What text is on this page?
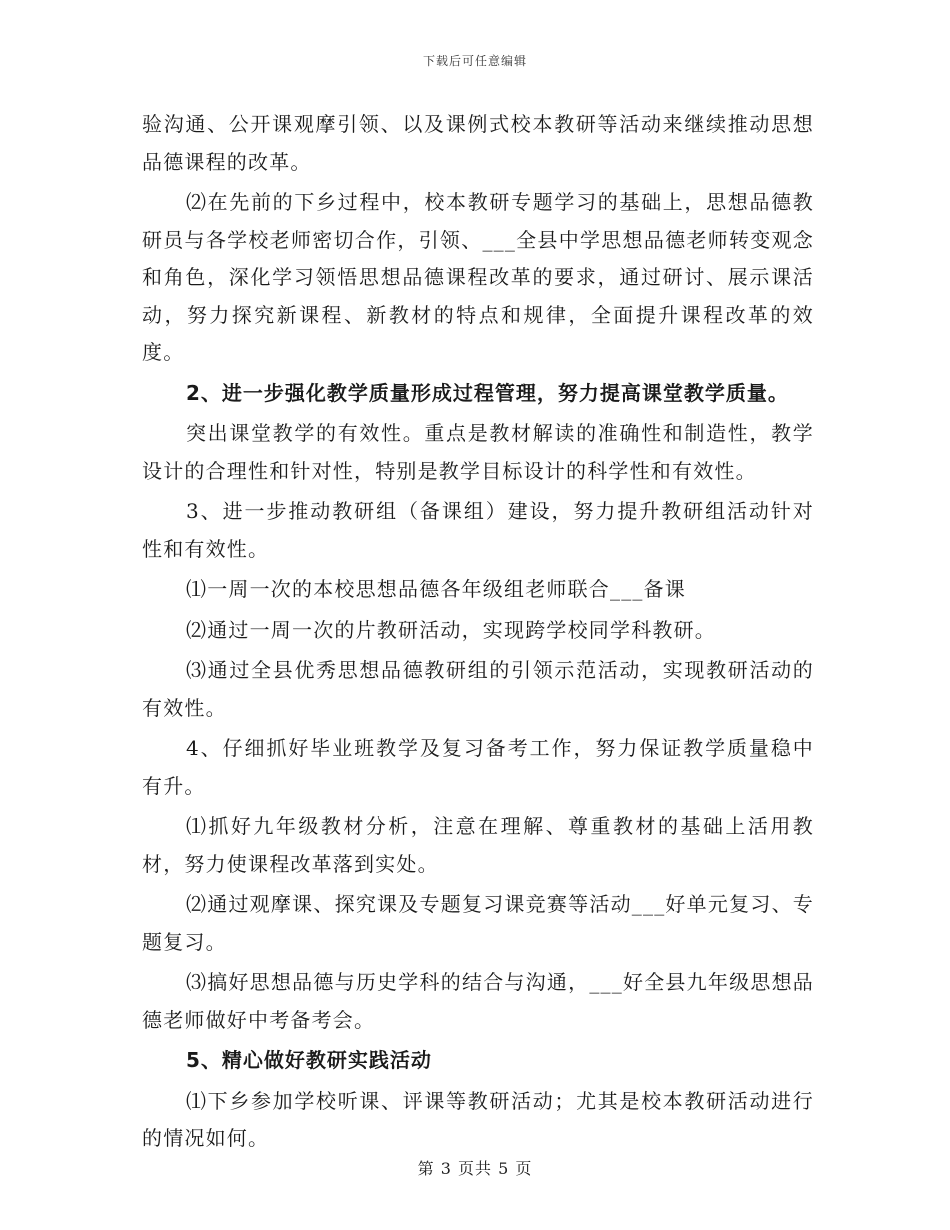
下载后可任意编辑

验沟通、公开课观摩引领、以及课例式校本教研等活动来继续推动思想品德课程的改革。

⑵在先前的下乡过程中，校本教研专题学习的基础上，思想品德教研员与各学校老师密切合作，引领、___全县中学思想品德老师转变观念和角色，深化学习领悟思想品德课程改革的要求，通过研讨、展示课活动，努力探究新课程、新教材的特点和规律，全面提升课程改革的效度。

2、进一步强化教学质量形成过程管理，努力提高课堂教学质量。

突出课堂教学的有效性。重点是教材解读的准确性和制造性，教学设计的合理性和针对性，特别是教学目标设计的科学性和有效性。

3、进一步推动教研组（备课组）建设，努力提升教研组活动针对性和有效性。

⑴一周一次的本校思想品德各年级组老师联合___备课

⑵通过一周一次的片教研活动，实现跨学校同学科教研。

⑶通过全县优秀思想品德教研组的引领示范活动，实现教研活动的有效性。

4、仔细抓好毕业班教学及复习备考工作，努力保证教学质量稳中有升。

⑴抓好九年级教材分析，注意在理解、尊重教材的基础上活用教材，努力使课程改革落到实处。

⑵通过观摩课、探究课及专题复习课竞赛等活动___好单元复习、专题复习。

⑶搞好思想品德与历史学科的结合与沟通，___好全县九年级思想品德老师做好中考备考会。

5、精心做好教研实践活动

⑴下乡参加学校听课、评课等教研活动；尤其是校本教研活动进行的情况如何。

第 3 页共 5 页
